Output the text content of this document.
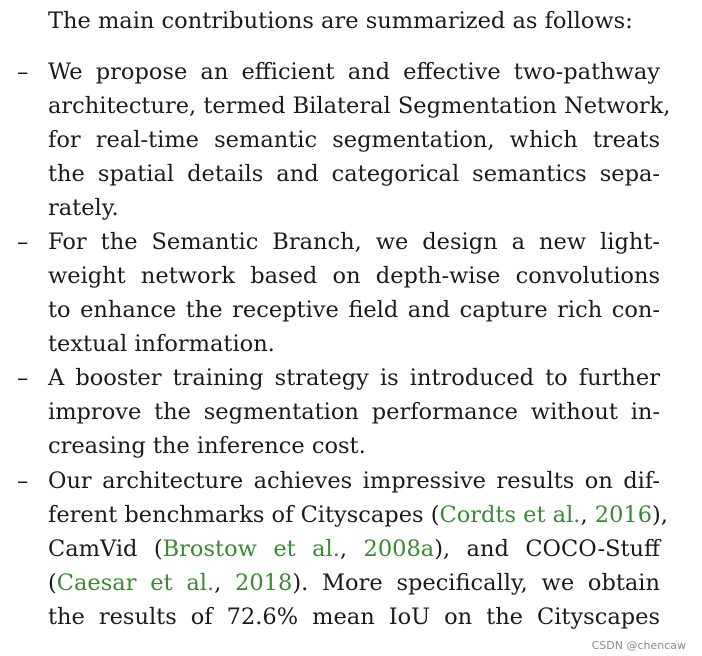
The main contributions are summarized as follows:
– We propose an efficient and effective two-pathway
architecture, termed Bilateral Segmentation Network,
for real-time semantic segmentation, which treats
the spatial details and categorical semantics sepa-
rately.
– For the Semantic Branch, we design a new light-
weight network based on depth-wise convolutions
to enhance the receptive field and capture rich con-
textual information.
– A booster training strategy is introduced to further
improve the segmentation performance without in-
creasing the inference cost.
– Our architecture achieves impressive results on dif-
ferent benchmarks of Cityscapes (Cordts et al., 2016),
CamVid (Brostow et al., 2008a), and COCO-Stuff
(Caesar et al., 2018). More specifically, we obtain
the results of 72.6% mean IoU on the Cityscapes
CSDN @chencaw
